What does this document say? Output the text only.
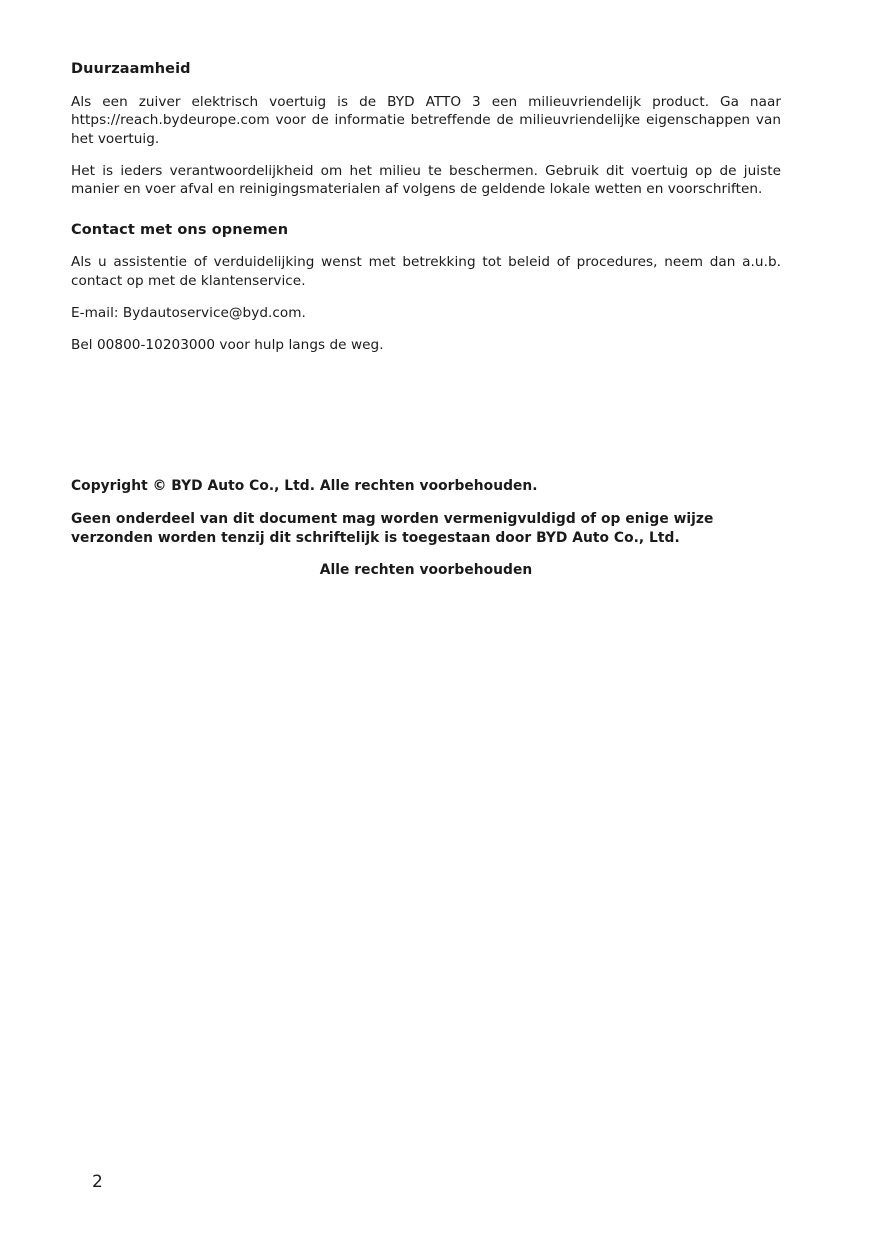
Duurzaamheid

Als een zuiver elektrisch voertuig is de BYD ATTO 3 een milieuvriendelijk product. Ga naar https://reach.bydeurope.com voor de informatie betreffende de milieuvriendelijke eigenschappen van het voertuig.

Het is ieders verantwoordelijkheid om het milieu te beschermen. Gebruik dit voertuig op de juiste manier en voer afval en reinigingsmaterialen af volgens de geldende lokale wetten en voorschriften.

Contact met ons opnemen

Als u assistentie of verduidelijking wenst met betrekking tot beleid of procedures, neem dan a.u.b. contact op met de klantenservice.

E-mail: Bydautoservice@byd.com.

Bel 00800-10203000 voor hulp langs de weg.

Copyright © BYD Auto Co., Ltd. Alle rechten voorbehouden.

Geen onderdeel van dit document mag worden vermenigvuldigd of op enige wijze verzonden worden tenzij dit schriftelijk is toegestaan door BYD Auto Co., Ltd.

Alle rechten voorbehouden

2
